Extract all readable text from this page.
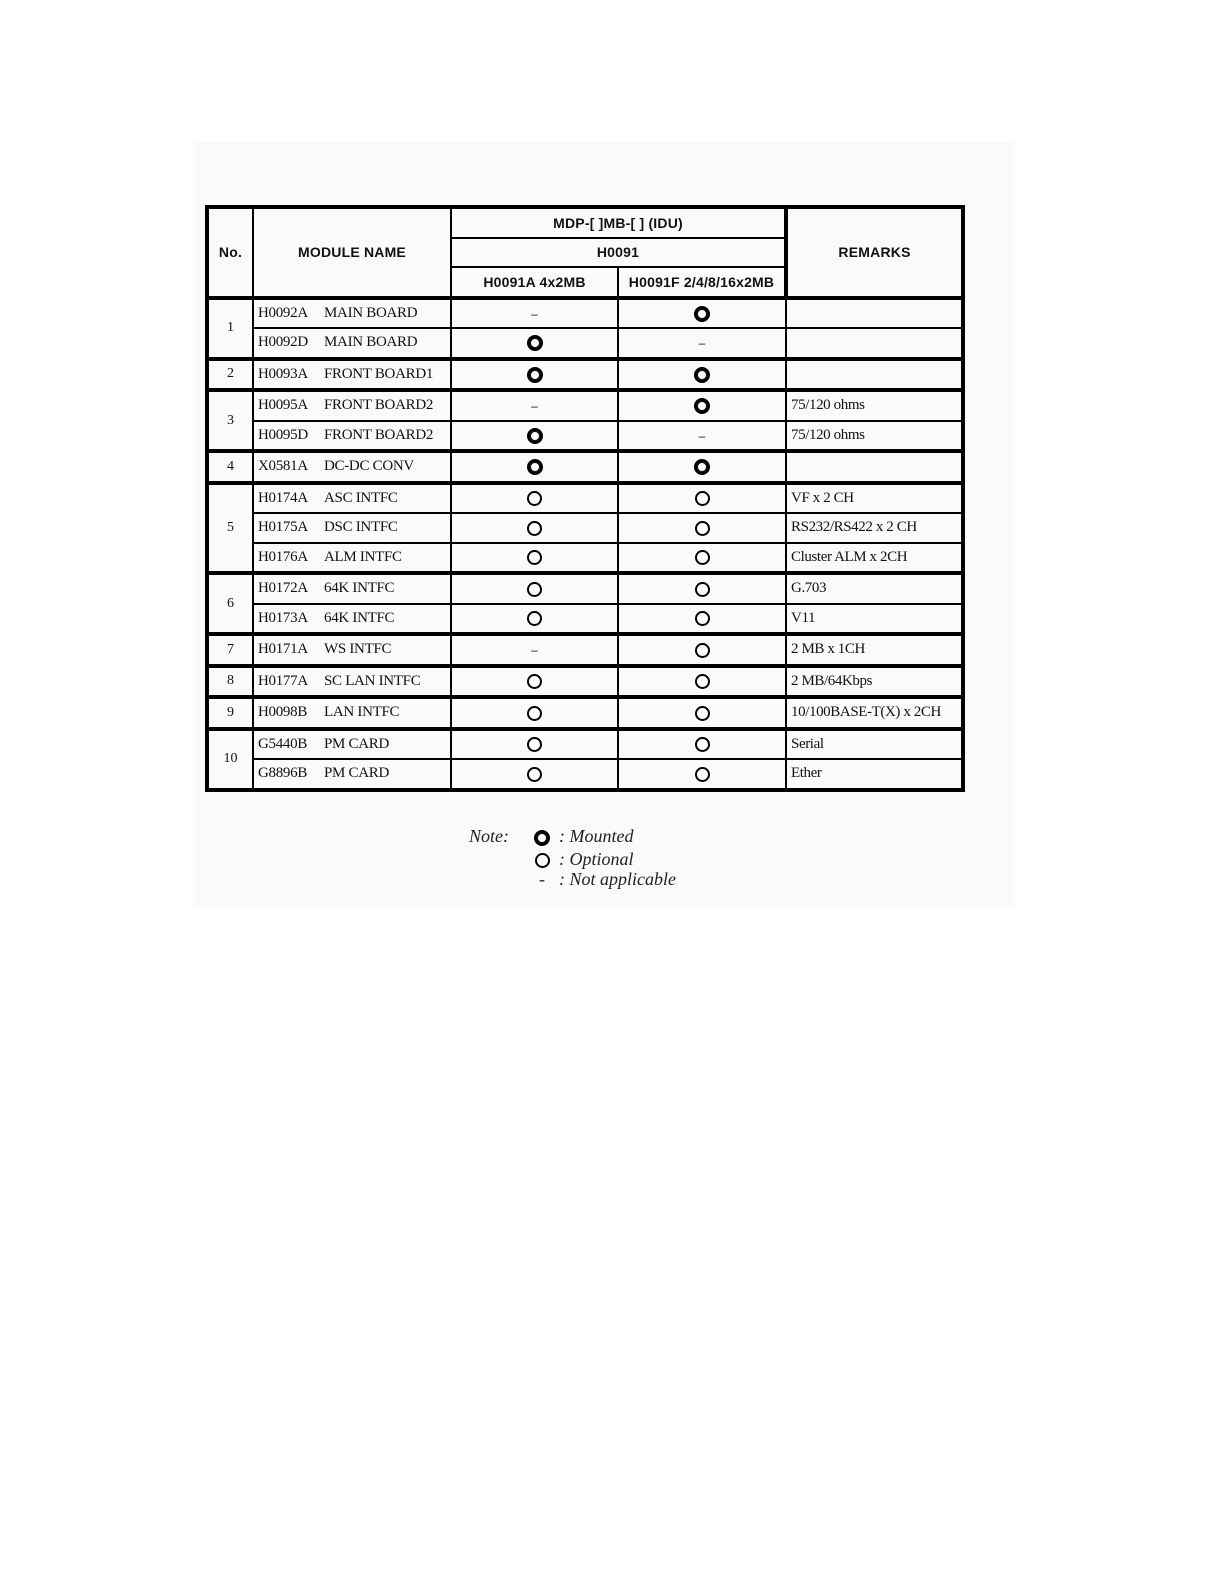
No.	MODULE NAME	MDP-[ ]MB-[ ] (IDU)		REMARKS
		H0091		
		H0091A 4x2MB	H0091F 2/4/8/16x2MB	
1	H0092A MAIN BOARD	–		
	H0092D MAIN BOARD		–	
2	H0093A FRONT BOARD1			
3	H0095A FRONT BOARD2	–		75/120 ohms
	H0095D FRONT BOARD2		–	75/120 ohms
4	X0581A DC-DC CONV			
5	H0174A ASC INTFC			VF x 2 CH
	H0175A DSC INTFC			RS232/RS422 x 2 CH
	H0176A ALM INTFC			Cluster ALM x 2CH
6	H0172A 64K INTFC			G.703
	H0173A 64K INTFC			V11
7	H0171A WS INTFC	–		2 MB x 1CH
8	H0177A SC LAN INTFC			2 MB/64Kbps
9	H0098B LAN INTFC			10/100BASE-T(X) x 2CH
10	G5440B PM CARD			Serial
	G8896B PM CARD			Ether
Note:	: Mounted
: Optional
- : Not applicable
